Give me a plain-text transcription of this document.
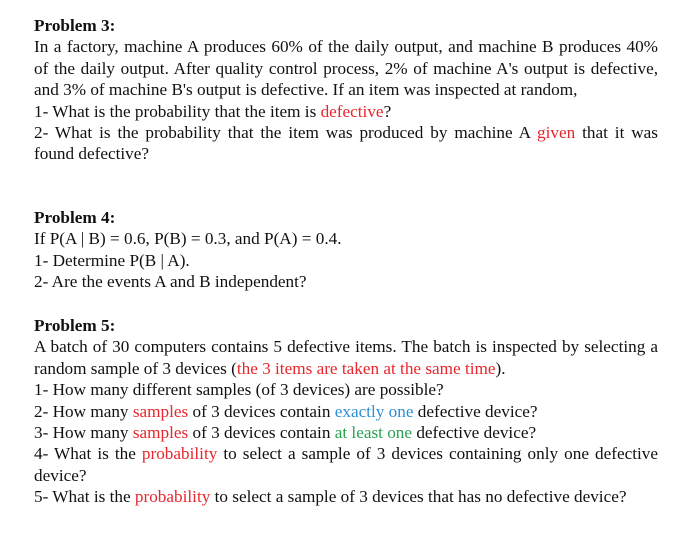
Problem 3:

In a factory, machine A produces 60% of the daily output, and machine B produces 40% of the daily output. After quality control process, 2% of machine A's output is defective, and 3% of machine B's output is defective. If an item was inspected at random,

1- What is the probability that the item is defective?

2- What is the probability that the item was produced by machine A given that it was found defective?

Problem 4:

If P(A | B) = 0.6, P(B) = 0.3, and P(A) = 0.4.

1- Determine P(B | A).

2- Are the events A and B independent?

Problem 5:

A batch of 30 computers contains 5 defective items. The batch is inspected by selecting a random sample of 3 devices (the 3 items are taken at the same time).

1- How many different samples (of 3 devices) are possible?

2- How many samples of 3 devices contain exactly one defective device?

3- How many samples of 3 devices contain at least one defective device?

4- What is the probability to select a sample of 3 devices containing only one defective device?

5- What is the probability to select a sample of 3 devices that has no defective device?
